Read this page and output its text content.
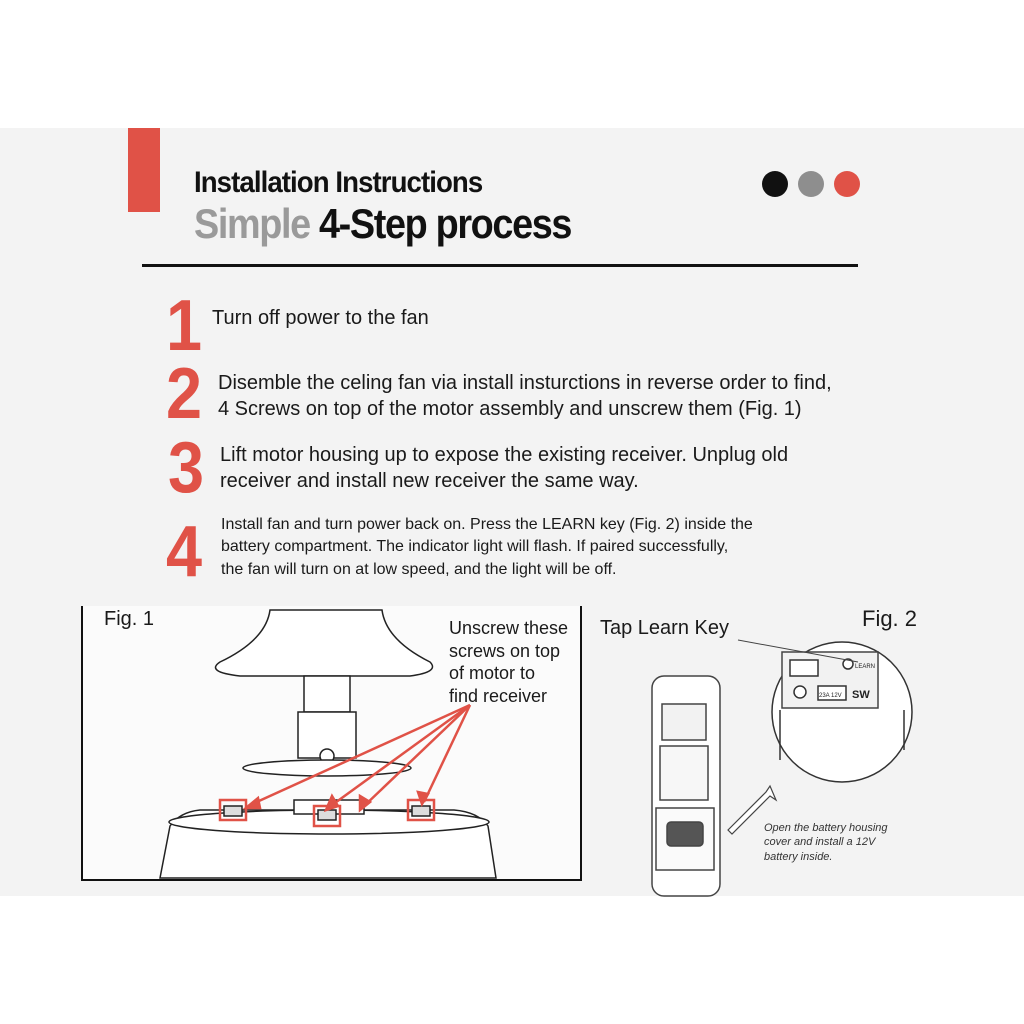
Installation Instructions
Simple 4-Step process
1 Turn off power to the fan
2 Disemble the celing fan via install insturctions in reverse order to find,
4 Screws on top of the motor assembly and unscrew them (Fig. 1)
3 Lift motor housing up to expose the existing receiver. Unplug old
receiver and install new receiver the same way.
4 Install fan and turn power back on. Press the LEARN key (Fig. 2) inside the
battery compartment. The indicator light will flash. If paired successfully,
the fan will turn on at low speed, and the light will be off.
Fig. 1
LEARN
23A 12V SW
Unscrew these
screws on top
of motor to
find receiver
Fig. 2
Tap Learn Key
Open the battery housing
cover and install a 12V
battery inside.
